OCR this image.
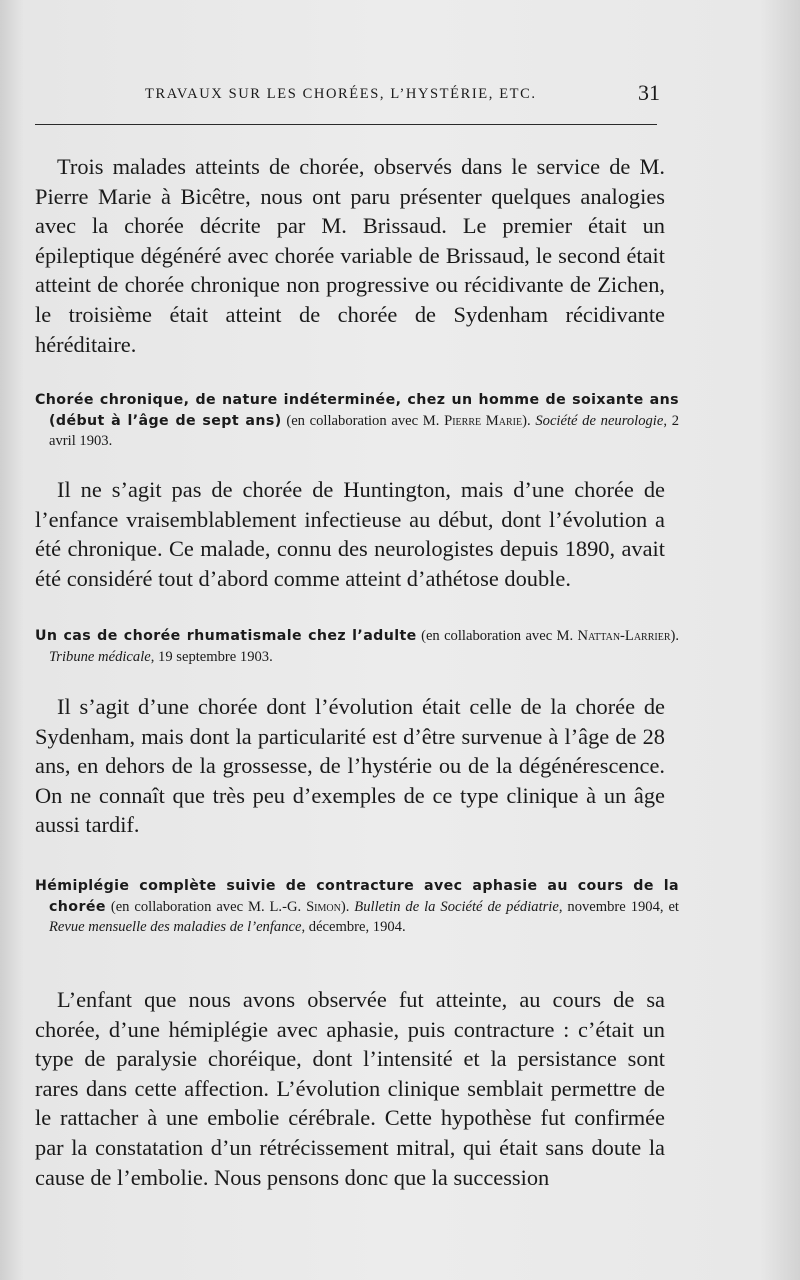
TRAVAUX SUR LES CHORÉES, L’HYSTÉRIE, ETC.	31

Trois malades atteints de chorée, observés dans le service de M. Pierre Marie à Bicêtre, nous ont paru présenter quelques analogies avec la chorée décrite par M. Brissaud. Le premier était un épileptique dégénéré avec chorée variable de Brissaud, le second était atteint de chorée chronique non progressive ou récidivante de Zichen, le troisième était atteint de chorée de Sydenham récidivante héréditaire.

Chorée chronique, de nature indéterminée, chez un homme de soixante ans (début à l’âge de sept ans) (en collaboration avec M. Pierre Marie). Société de neurologie, 2 avril 1903.

Il ne s’agit pas de chorée de Huntington, mais d’une chorée de l’enfance vraisemblablement infectieuse au début, dont l’évolution a été chronique. Ce malade, connu des neurologistes depuis 1890, avait été considéré tout d’abord comme atteint d’athétose double.

Un cas de chorée rhumatismale chez l’adulte (en collaboration avec M. Nattan-Larrier). Tribune médicale, 19 septembre 1903.

Il s’agit d’une chorée dont l’évolution était celle de la chorée de Sydenham, mais dont la particularité est d’être survenue à l’âge de 28 ans, en dehors de la grossesse, de l’hystérie ou de la dégénérescence. On ne connaît que très peu d’exemples de ce type clinique à un âge aussi tardif.

Hémiplégie complète suivie de contracture avec aphasie au cours de la chorée (en collaboration avec M. L.-G. Simon). Bulletin de la Société de pédiatrie, novembre 1904, et Revue mensuelle des maladies de l’enfance, décembre, 1904.

L’enfant que nous avons observée fut atteinte, au cours de sa chorée, d’une hémiplégie avec aphasie, puis contracture : c’était un type de paralysie choréique, dont l’intensité et la persistance sont rares dans cette affection. L’évolution clinique semblait permettre de le rattacher à une embolie cérébrale. Cette hypothèse fut confirmée par la constatation d’un rétrécissement mitral, qui était sans doute la cause de l’embolie. Nous pensons donc que la succession
